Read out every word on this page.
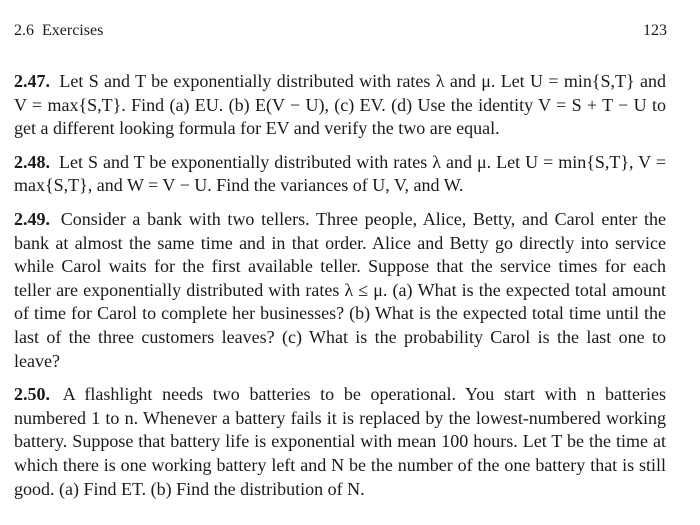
2.6 Exercises	123

2.47. Let S and T be exponentially distributed with rates λ and μ. Let U = min{S,T} and V = max{S,T}. Find (a) EU. (b) E(V − U), (c) EV. (d) Use the identity V = S + T − U to get a different looking formula for EV and verify the two are equal.

2.48. Let S and T be exponentially distributed with rates λ and μ. Let U = min{S,T}, V = max{S,T}, and W = V − U. Find the variances of U, V, and W.

2.49. Consider a bank with two tellers. Three people, Alice, Betty, and Carol enter the bank at almost the same time and in that order. Alice and Betty go directly into service while Carol waits for the first available teller. Suppose that the service times for each teller are exponentially distributed with rates λ ≤ μ. (a) What is the expected total amount of time for Carol to complete her businesses? (b) What is the expected total time until the last of the three customers leaves? (c) What is the probability Carol is the last one to leave?

2.50. A flashlight needs two batteries to be operational. You start with n batteries numbered 1 to n. Whenever a battery fails it is replaced by the lowest-numbered working battery. Suppose that battery life is exponential with mean 100 hours. Let T be the time at which there is one working battery left and N be the number of the one battery that is still good. (a) Find ET. (b) Find the distribution of N.
